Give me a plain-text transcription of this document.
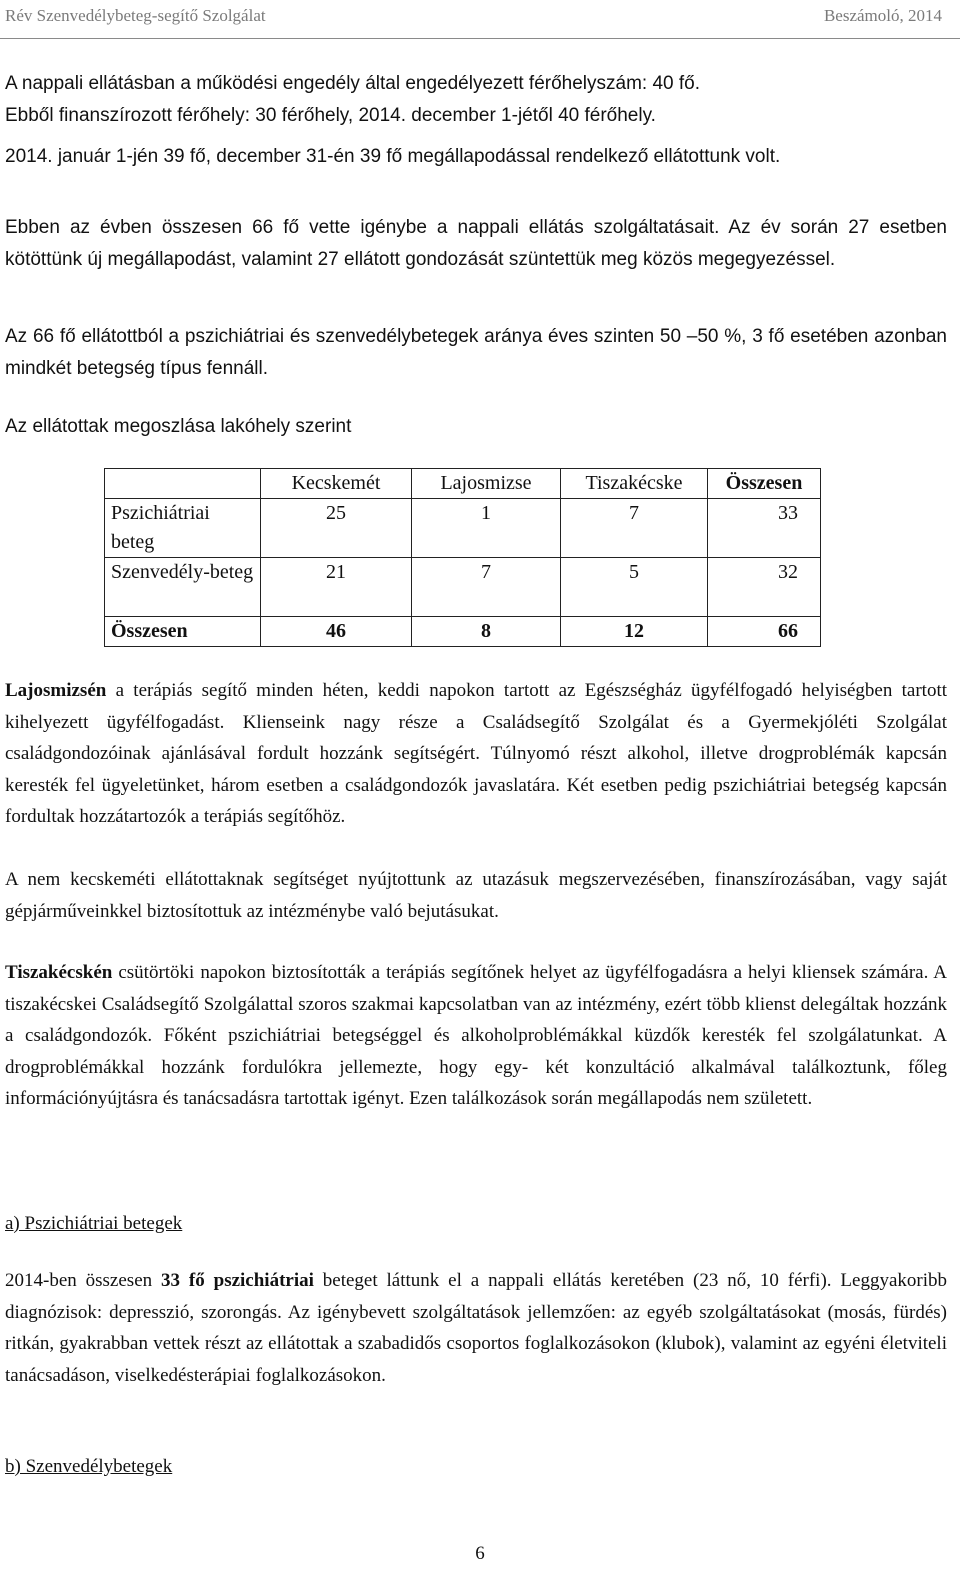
Rév Szenvedélybeteg-segítő Szolgálat	Beszámoló, 2014
A nappali ellátásban a működési engedély által engedélyezett férőhelyszám: 40 fő.
Ebből finanszírozott férőhely: 30 férőhely, 2014. december 1-jétől 40 férőhely.
2014. január 1-jén 39 fő, december 31-én 39 fő megállapodással rendelkező ellátottunk volt.
Ebben az évben összesen 66 fő vette igénybe a nappali ellátás szolgáltatásait. Az év során 27 esetben kötöttünk új megállapodást, valamint 27 ellátott gondozását szüntettük meg közös megegyezéssel.
Az 66 fő ellátottból a pszichiátriai és szenvedélybetegek aránya éves szinten 50 –50 %, 3 fő esetében azonban mindkét betegség típus fennáll.
Az ellátottak megoszlása lakóhely szerint
	Kecskemét	Lajosmizse	Tiszakécske	Összesen
Pszichiátriai beteg	25	1	7	33
Szenvedély-beteg	21	7	5	32
Összesen	46	8	12	66
Lajosmizsén a terápiás segítő minden héten, keddi napokon tartott az Egészségház ügyfélfogadó helyiségben tartott kihelyezett ügyfélfogadást. Klienseink nagy része a Családsegítő Szolgálat és a Gyermekjóléti Szolgálat családgondozóinak ajánlásával fordult hozzánk segítségért. Túlnyomó részt alkohol, illetve drogproblémák kapcsán keresték fel ügyeletünket, három esetben a családgondozók javaslatára. Két esetben pedig pszichiátriai betegség kapcsán fordultak hozzátartozók a terápiás segítőhöz.
A nem kecskeméti ellátottaknak segítséget nyújtottunk az utazásuk megszervezésében, finanszírozásában, vagy saját gépjárműveinkkel biztosítottuk az intézménybe való bejutásukat.
Tiszakécskén csütörtöki napokon biztosították a terápiás segítőnek helyet az ügyfélfogadásra a helyi kliensek számára. A tiszakécskei Családsegítő Szolgálattal szoros szakmai kapcsolatban van az intézmény, ezért több klienst delegáltak hozzánk a családgondozók. Főként pszichiátriai betegséggel és alkoholproblémákkal küzdők keresték fel szolgálatunkat. A drogproblémákkal hozzánk fordulókra jellemezte, hogy egy- két konzultáció alkalmával találkoztunk, főleg információnyújtásra és tanácsadásra tartottak igényt. Ezen találkozások során megállapodás nem született.
a) Pszichiátriai betegek
2014-ben összesen 33 fő pszichiátriai beteget láttunk el a nappali ellátás keretében (23 nő, 10 férfi). Leggyakoribb diagnózisok: depresszió, szorongás. Az igénybevett szolgáltatások jellemzően: az egyéb szolgáltatásokat (mosás, fürdés) ritkán, gyakrabban vettek részt az ellátottak a szabadidős csoportos foglalkozásokon (klubok), valamint az egyéni életviteli tanácsadáson, viselkedésterápiai foglalkozásokon.
b) Szenvedélybetegek
6
